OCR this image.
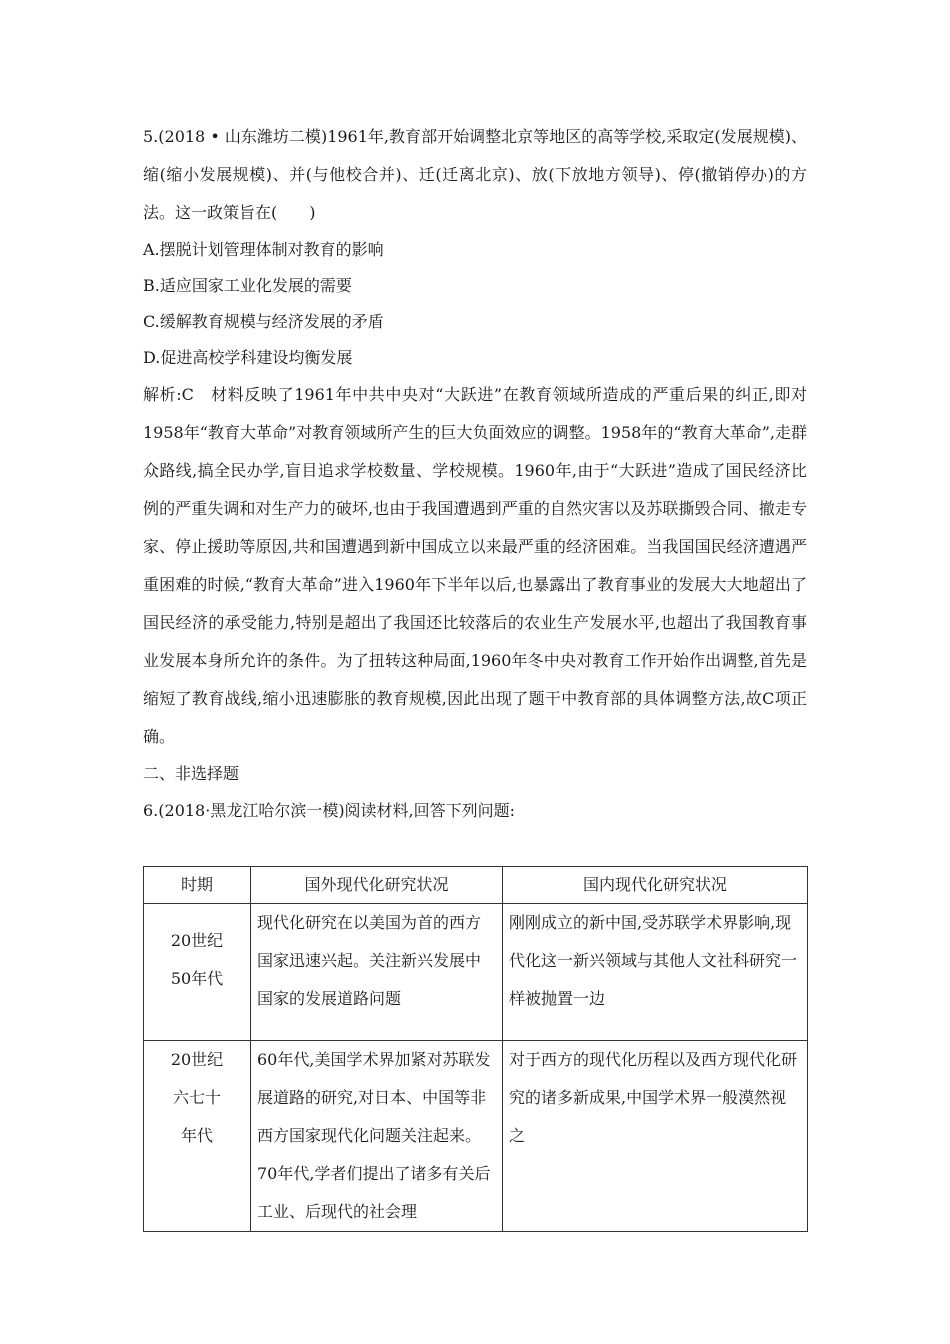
5.(2018 • 山东潍坊二模)1961年,教育部开始调整北京等地区的高等学校,采取定(发展规模)、缩(缩小发展规模)、并(与他校合并)、迁(迁离北京)、放(下放地方领导)、停(撤销停办)的方法。这一政策旨在(　　)

A.摆脱计划管理体制对教育的影响

B.适应国家工业化发展的需要

C.缓解教育规模与经济发展的矛盾

D.促进高校学科建设均衡发展

解析:C　材料反映了1961年中共中央对“大跃进”在教育领域所造成的严重后果的纠正,即对1958年“教育大革命”对教育领域所产生的巨大负面效应的调整。1958年的“教育大革命”,走群众路线,搞全民办学,盲目追求学校数量、学校规模。1960年,由于“大跃进”造成了国民经济比例的严重失调和对生产力的破坏,也由于我国遭遇到严重的自然灾害以及苏联撕毁合同、撤走专家、停止援助等原因,共和国遭遇到新中国成立以来最严重的经济困难。当我国国民经济遭遇严重困难的时候,“教育大革命”进入1960年下半年以后,也暴露出了教育事业的发展大大地超出了国民经济的承受能力,特别是超出了我国还比较落后的农业生产发展水平,也超出了我国教育事业发展本身所允许的条件。为了扭转这种局面,1960年冬中央对教育工作开始作出调整,首先是缩短了教育战线,缩小迅速膨胀的教育规模,因此出现了题干中教育部的具体调整方法,故C项正确。

二、非选择题

6.(2018·黑龙江哈尔滨一模)阅读材料,回答下列问题:

时期	国外现代化研究状况	国内现代化研究状况

20世纪
50年代	现代化研究在以美国为首的西方国家迅速兴起。关注新兴发展中国家的发展道路问题	刚刚成立的新中国,受苏联学术界影响,现代化这一新兴领域与其他人文社科研究一样被抛置一边

20世纪
六七十
年代	60年代,美国学术界加紧对苏联发展道路的研究,对日本、中国等非西方国家现代化问题关注起来。70年代,学者们提出了诸多有关后工业、后现代的社会理	对于西方的现代化历程以及西方现代化研究的诸多新成果,中国学术界一般漠然视之
